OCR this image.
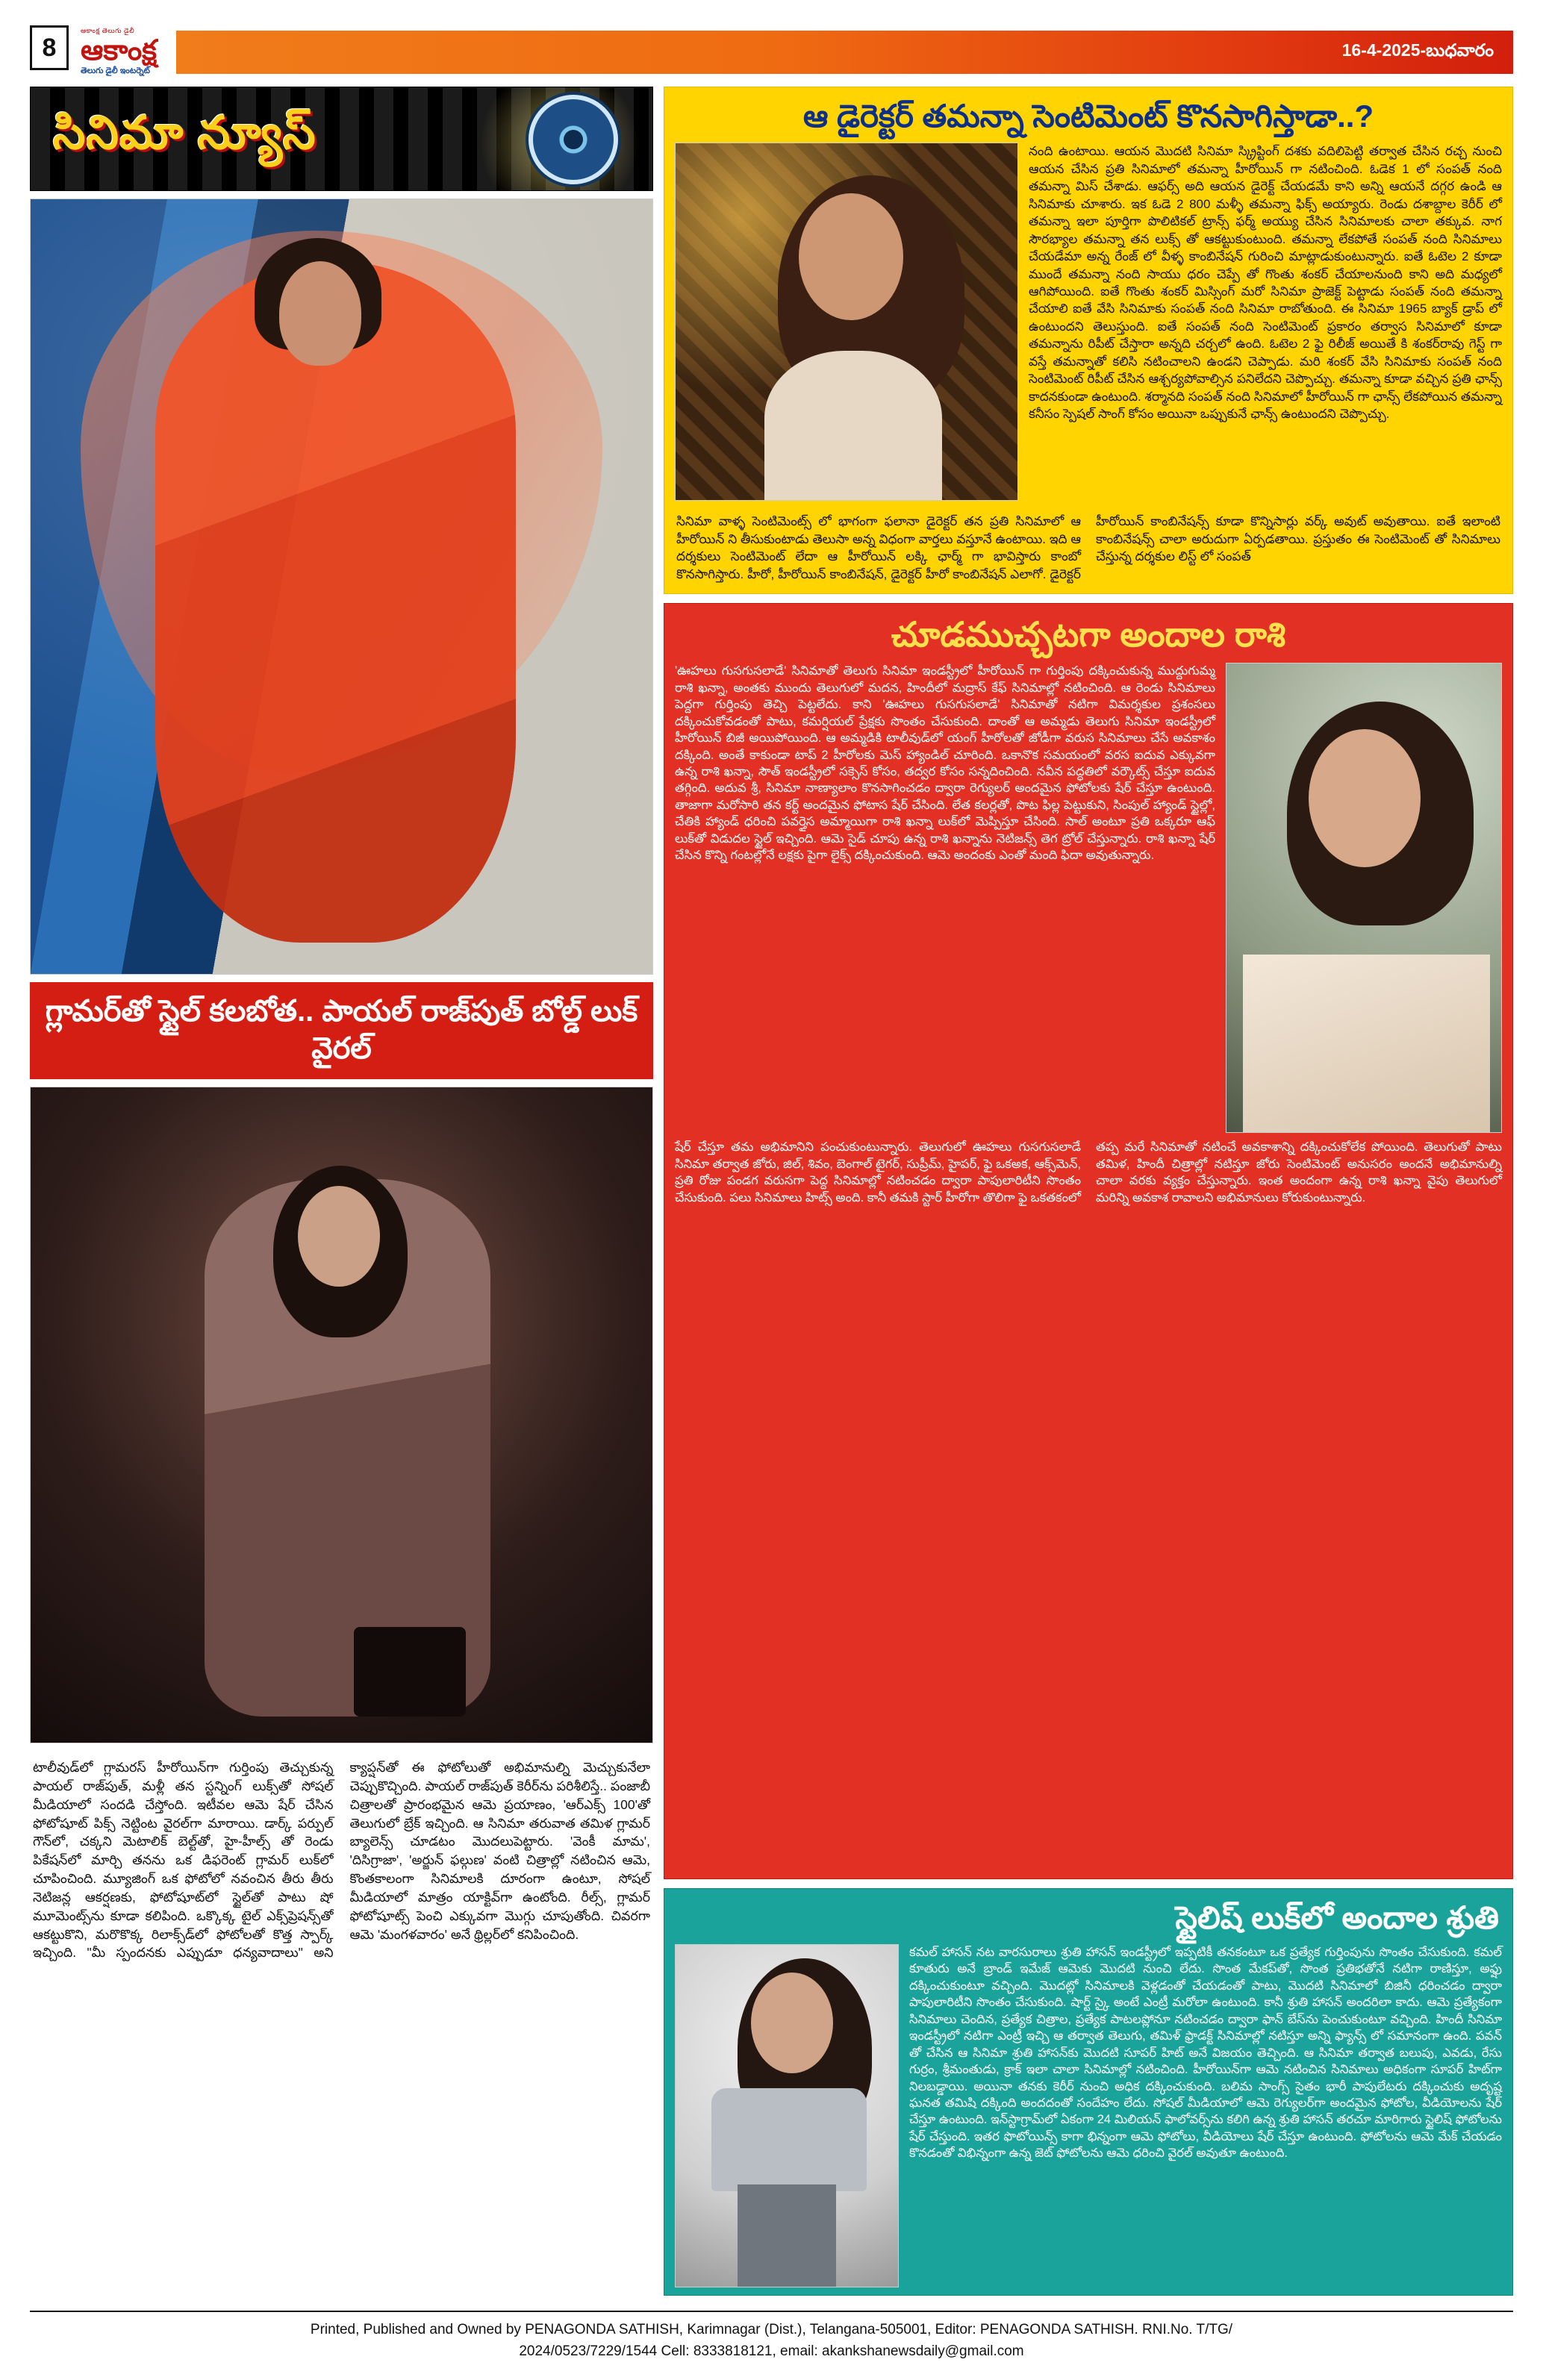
8
ఆకాంక్ష తెలుగు డైలీ
ఆకాంక్ష
తెలుగు డైలీ ఇంటర్నెట్
16-4-2025-బుధవారం
సినిమా న్యూస్
గ్లామర్‌తో స్టైల్ కలబోత.. పాయల్ రాజ్‌పుత్ బోల్డ్ లుక్ వైరల్
టాలీవుడ్‌లో గ్లామరస్ హీరోయిన్‌గా గుర్తింపు తెచ్చుకున్న పాయల్ రాజ్‌పుత్, మళ్లీ తన స్టన్నింగ్ లుక్స్‌తో సోషల్ మీడియాలో సందడి చేస్తోంది. ఇటీవల ఆమె షేర్ చేసిన ఫోటోషూట్ పిక్స్ నెట్టింట వైరల్‌గా మారాయి. డార్క్ పర్పుల్ గౌన్‌లో, చక్కని మెటాలిక్ బెల్ట్‌తో, హై-హీల్స్ తో రెండు పికేషన్‌లో మార్చి తనను ఒక డిఫరెంట్ గ్లామర్ లుక్‌లో చూపించింది. మ్యూజింగ్ ఒక ఫోటోలో నవంచిన తీరు తీరు నెటిజన్ల ఆకర్షణకు, ఫోటోషూట్‌లో స్టైల్‌తో పాటు షో మూమెంట్స్‌ను కూడా కలిపింది. ఒక్కొక్క టైల్ ఎక్స్‌ప్రెషన్స్‌తో ఆకట్టుకొని, మరొకొక్క రిలాక్స్‌డ్‌లో ఫోటోలతో కొత్త స్పార్క్ ఇచ్చింది. "మీ స్పందనకు ఎప్పుడూ ధన్యవాదాలు" అని క్యాప్షన్‌తో ఈ ఫోటోలుతో అభిమానుల్ని మెచ్చుకునేలా చెప్పుకొచ్చింది. పాయల్ రాజ్‌పుత్ కెరీర్‌ను పరిశీలిస్తే.. పంజాబీ చిత్రాలతో ప్రారంభమైన ఆమె ప్రయాణం, 'ఆర్‌ఎక్స్ 100'తో తెలుగులో బ్రేక్ ఇచ్చింది. ఆ సినిమా తరువాత తమిళ గ్లామర్ బ్యాలెన్స్ చూడటం మొదలుపెట్టారు. 'వెంకీ మామ', 'దిసిగ్రాజా', 'అర్జున్ ఫల్గుణ' వంటి చిత్రాల్లో నటించిన ఆమె, కొంతకాలంగా సినిమాలకి దూరంగా ఉంటూ, సోషల్ మీడియాలో మాత్రం యాక్టివ్‌గా ఉంటోంది. రీల్స్, గ్లామర్ ఫోటోషూట్స్ పెంచి ఎక్కువగా మొగ్గు చూపుతోంది. చివరగా ఆమె 'మంగళవారం' అనే థ్రిల్లర్‌లో కనిపించింది.
ఆ డైరెక్టర్ తమన్నా సెంటిమెంట్ కొనసాగిస్తాడా..?
నంది ఉంటాయి. ఆయన మొదటి సినిమా స్క్రిప్టింగ్ దశకు వదిలిపెట్టి తర్వాత చేసిన రచ్చ నుంచి ఆయన చేసిన ప్రతి సినిమాలో తమన్నా హీరోయిన్ గా నటించింది. ఓడెక 1 లో సంపత్ నంది తమన్నా మిస్ చేశాడు. ఆఫర్స్ అది ఆయన డైరెక్ట్ చేయడమే కాని అన్ని ఆయనే దగ్గర ఉండి ఆ సినిమాకు చూశారు. ఇక ఓడె 2 800 మళ్ళీ తమన్నా ఫిక్స్ అయ్యారు. రెండు దశాబ్దాల కెరీర్ లో తమన్నా ఇలా పూర్తిగా పొలిటికల్ ట్రాన్స్ ఫర్మ్ అయ్యు చేసిన సినిమాలకు చాలా తక్కువ. నాగ సౌరభ్యాల తమన్నా తన లుక్స్ తో ఆకట్టుకుంటుంది. తమన్నా లేకపోతే సంపత్ నంది సినిమాలు చేయడేమా అన్న రేంజ్ లో వీళ్ళ కాంబినేషన్ గురించి మాట్లాడుకుంటున్నారు. ఐతే ఓటెల 2 కూడా ముందే తమన్నా నంది సాయు ధరం చెప్పే తో గొంతు శంకర్ చేయాలనుంది కాని అది మధ్యలో ఆగిపోయింది. ఐతే గొంతు శంకర్ మిస్సింగ్ మరో సినిమా ప్రాజెక్ట్ పెట్టాడు సంపత్ నంది తమన్నా చేయాలి ఐతే వేసి సినిమాకు సంపత్ నంది సినిమా రాబోతుంది. ఈ సినిమా 1965 బ్యాక్ డ్రాప్ లో ఉంటుందని తెలుస్తుంది. ఐతే సంపత్ నంది సెంటిమెంట్ ప్రకారం తర్వాస సినిమాలో కూడా తమన్నాను రిపీట్ చేస్తారా అన్నది చర్చలో ఉంది. ఓటెల 2 ఫై రిలీజ్ అయితే కి శంకర్‌రావు గెస్ట్ గా వస్తే తమన్నాతో కలిసి నటించాలని ఉండని చెప్పాడు. మరి శంకర్ వేసి సినిమాకు సంపత్ నంది సెంటిమెంట్ రిపీట్ చేసిన ఆశ్చర్యపోవాల్సిన పనిలేదని చెప్పొచ్చు. తమన్నా కూడా వచ్చిన ప్రతి ఛాన్స్ కాదనకుండా ఉంటుంది. శర్మానది సంపత్ నంది సినిమాలో హీరోయిన్ గా ఛాన్స్ లేకపోయిన తమన్నా కనీసం స్పెషల్ సాంగ్ కోసం అయినా ఒప్పుకునే ఛాన్స్ ఉంటుందని చెప్పొచ్చు.
సినిమా వాళ్ళ సెంటిమెంట్స్ లో భాగంగా ఫలానా డైరెక్టర్ తన ప్రతి సినిమాలో ఆ హీరోయిన్ ని తీసుకుంటాడు తెలుసా అన్న విధంగా వార్తలు వస్తూనే ఉంటాయి. ఇది ఆ దర్శకులు సెంటిమెంట్ లేదా ఆ హీరోయిన్ లక్కి ఛార్మ్ గా భావిస్తారు కాంబో కొనసాగిస్తారు. హీరో, హీరోయిన్ కాంబినేషన్, డైరెక్టర్ హీరో కాంబినేషన్ ఎలాగో. డైరెక్టర్ హీరోయిన్ కాంబినేషన్స్ కూడా కొన్నిసార్లు వర్క్ అవుట్ అవుతాయి. ఐతే ఇలాంటి కాంబినేషన్స్ చాలా అరుదుగా ఏర్పడతాయి. ప్రస్తుతం ఈ సెంటిమెంట్ తో సినిమాలు చేస్తున్న దర్శకుల లిస్ట్ లో సంపత్
చూడముచ్చటగా అందాల రాశి
'ఊహలు గుసగుసలాడే' సినిమాతో తెలుగు సినిమా ఇండస్ట్రీలో హీరోయిన్ గా గుర్తింపు దక్కించుకున్న ముద్దుగుమ్మ రాశి ఖన్నా, అంతకు ముందు తెలుగులో మదన, హిందీలో మద్రాస్ కేఫ్ సినిమాల్లో నటించింది. ఆ రెండు సినిమాలు పెద్దగా గుర్తింపు తెచ్చి పెట్టలేదు. కాని 'ఊహలు గుసగుసలాడే' సినిమాతో నటిగా విమర్శకుల ప్రశంసలు దక్కించుకోవడంతో పాటు, కమర్షియల్ ప్రేక్షకు సొంతం చేసుకుంది. దాంతో ఆ అమ్మడు తెలుగు సినిమా ఇండస్ట్రీలో హీరోయిన్ బిజీ అయిపోయింది. ఆ అమ్మడికి టాలీవుడ్‌లో యంగ్ హీరోలతో జోడీగా వరుస సినిమాలు చేసే అవకాశం దక్కింది. అంతే కాకుండా టాప్ 2 హీరోలకు మెస్ హ్యాండిల్ చూరింది. ఒకానొక సమయంలో వరస ఐదువ ఎక్కువగా ఉన్న రాశి ఖన్నా, సౌత్ ఇండస్ట్రీలో సక్సెస్ కోసం, తద్వర కోసం సన్నదించింది. నవీన పద్ధతిలో వర్కౌట్స్ చేస్తూ ఐదువ తగ్గింది. అదువ శ్రీ, సినిమా నాణ్యాలాం కొనసాగించడం ద్వారా రెగ్యులర్ అందమైన ఫోటోలకు షేర్ చేస్తూ ఉంటుంది. తాజాగా మరోసారి తన కర్ట్ అందమైన ఫోటాస షేర్ చేసింది. లేత కలర్లతో, పొట ఫిల్ల పెట్టుకుని, సింపుల్ హ్యాండ్ స్టైల్లో, చేతికి హ్యాండ్ ధరించి పవర్తైస అమ్మాయిగా రాశి ఖన్నా లుక్‌లో మెప్పిస్తూ చేసింది. సాల్ అంటూ ప్రతి ఒక్కరూ ఆఫ్ లుక్‌తో విడుదల స్టైల్ ఇచ్చింది. ఆమె సైడ్ చూపు ఉన్న రాశి ఖన్నాను నెటిజన్స్ తెగ ట్రోల్ చేస్తున్నారు. రాశి ఖన్నా షేర్ చేసిన కొన్ని గంటల్లోనే లక్షకు పైగా లైక్స్ దక్కించుకుంది. ఆమె అందంకు ఎంతో మంది ఫిదా అవుతున్నారు.
షేర్ చేస్తూ తమ అభిమానిని పంచుకుంటున్నారు. తెలుగులో ఊహలు గుసగుసలాడే సినిమా తర్వాత జోరు, జిల్, శివం, బెంగాల్ టైగర్, సుప్రీమ్, హైపర్, ఫై ఒకఅక, ఆక్స్‌మెన్, ప్రతి రోజు పండగ వరుసగా పెద్ద సినిమాల్లో నటించడం ద్వారా పాపులారిటీని సొంతం చేసుకుంది. పలు సినిమాలు హిట్స్ అంది. కానీ తమకి స్టార్ హీరోగా తొలిగా ఫై ఒకతకంలో తప్ప మరే సినిమాతో నటించే అవకాశాన్ని దక్కించుకోలేక పోయింది. తెలుగుతో పాటు తమిళ, హిందీ చిత్రాల్లో నటిస్తూ జోరు సెంటిమెంట్ అనుసరం అందనే అభిమానుల్ని చాలా వరకు వ్యక్తం చేస్తున్నారు. ఇంత అందంగా ఉన్న రాశి ఖన్నా వైపు తెలుగులో మరిన్ని అవకాశ రావాలని అభిమానులు కోరుకుంటున్నారు.
స్టైలిష్ లుక్‌లో అందాల శ్రుతి
కమల్ హాసన్ నట వారసురాలు శ్రుతి హాసన్ ఇండస్ట్రీలో ఇప్పటికీ తనకంటూ ఒక ప్రత్యేక గుర్తింపును సొంతం చేసుకుంది. కమల్ కూతురు అనే బ్రాండ్ ఇమేజ్ ఆమెకు మొదటి నుంచి లేదు. సొంత మేకప్‌తో, సొంత ప్రతిభతోనే నటిగా రాణిస్తూ, అఫ్షు దక్కించుకుంటూ వచ్చింది. మొదట్లో సినిమాలకి వెళ్లడంతో చేయడంతో పాటు, మొదటి సినిమాలో బిజినీ ధరించడం ద్వారా పాపులారిటీని సొంతం చేసుకుంది. షార్ట్ స్కై అంటే ఎంట్రీ మరోలా ఉంటుంది. కానీ శ్రుతి హాసన్ అందరిలా కాదు. ఆమె ప్రత్యేకంగా సినిమాలు చెందిన, ప్రత్యేక చిత్రాల, ప్రత్యేక పాటలప్లోనూ నటించడం ద్వారా ఫాన్ బేస్‌ను పెంచుకుంటూ వచ్చింది. హిందీ సినిమా ఇండస్ట్రీలో నటిగా ఎంట్రీ ఇచ్చి ఆ తర్వాత తెలుగు, తమిళ్ ఫ్రాడక్ట్ సినిమాల్లో నటిస్తూ అన్ని ఫ్యాన్స్ లో సమానంగా ఉంది. పవన్ తో చేసిన ఆ సినిమా శ్రుతి హాసన్‌కు మొదటి సూపర్ హిట్ అనే విజయం తెచ్చింది. ఆ సినిమా తర్వాత బలుపు, ఎవడు, రేసు గుర్రం, శ్రీమంతుడు, క్రాక్ ఇలా చాలా సినిమాల్లో నటించింది. హీరోయిన్‌గా ఆమె నటించిన సినిమాలు అధికంగా సూపర్ హిట్‌గా నిలబడ్డాయి. అయినా తనకు కెరీర్ నుంచి అధిక దక్కించుకుంది. బలిమ సాంగ్స్ సైతం భారీ పాపులేటరు దక్కించుకు అదృష్ట ఘనత తమిషి దక్కింది అందదంతో సందేహం లేదు. సోషల్ మీడియాలో ఆమె రెగ్యులర్‌గా అందమైన ఫోటోల, వీడియోలను షేర్ చేస్తూ ఉంటుంది. ఇన్‌స్టాగ్రామ్‌లో ఏకంగా 24 మిలియన్ ఫాలోవర్స్‌ను కలిగి ఉన్న శ్రుతి హాసన్ తరచూ మారిగారు స్టైలిష్ ఫోటోలను షేర్ చేస్తుంది. ఇతర ఫొటోయిన్స్ కాగా భిన్నంగా ఆమె ఫోటోలు, వీడియోలు షేర్ చేస్తూ ఉంటుంది. ఫోటోలను ఆమె మేక్ చేయడం కొనడంతో విభిన్నంగా ఉన్న జెట్ ఫోటోలను ఆమె ధరించి వైరల్ అవుతూ ఉంటుంది.
Printed, Published and Owned by PENAGONDA SATHISH, Karimnagar (Dist.), Telangana-505001, Editor: PENAGONDA SATHISH. RNI.No. T/TG/
2024/0523/7229/1544 Cell: 8333818121, email: akankshanewsdaily@gmail.com
